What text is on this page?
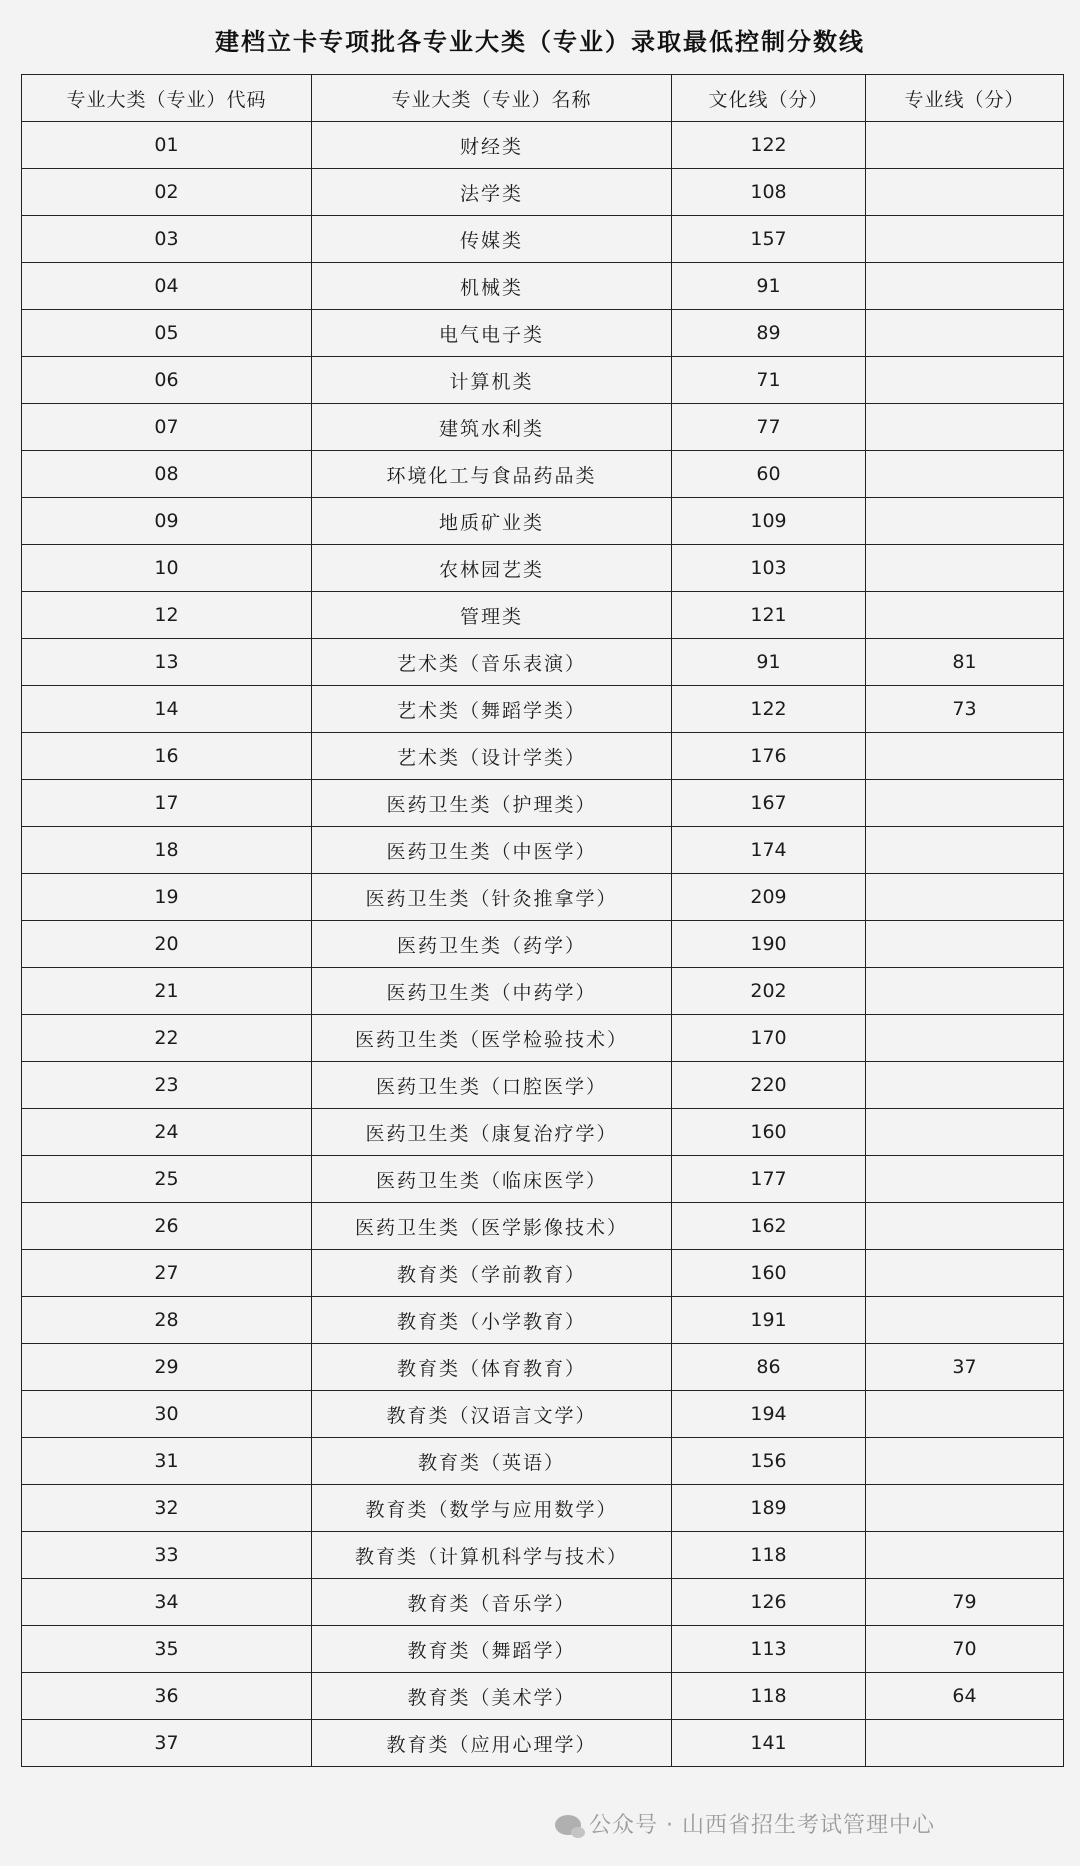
建档立卡专项批各专业大类（专业）录取最低控制分数线
专业大类（专业）代码	专业大类（专业）名称	文化线（分）	专业线（分）
01	财经类	122	
02	法学类	108	
03	传媒类	157	
04	机械类	91	
05	电气电子类	89	
06	计算机类	71	
07	建筑水利类	77	
08	环境化工与食品药品类	60	
09	地质矿业类	109	
10	农林园艺类	103	
12	管理类	121	
13	艺术类（音乐表演）	91	81
14	艺术类（舞蹈学类）	122	73
16	艺术类（设计学类）	176	
17	医药卫生类（护理类）	167	
18	医药卫生类（中医学）	174	
19	医药卫生类（针灸推拿学）	209	
20	医药卫生类（药学）	190	
21	医药卫生类（中药学）	202	
22	医药卫生类（医学检验技术）	170	
23	医药卫生类（口腔医学）	220	
24	医药卫生类（康复治疗学）	160	
25	医药卫生类（临床医学）	177	
26	医药卫生类（医学影像技术）	162	
27	教育类（学前教育）	160	
28	教育类（小学教育）	191	
29	教育类（体育教育）	86	37
30	教育类（汉语言文学）	194	
31	教育类（英语）	156	
32	教育类（数学与应用数学）	189	
33	教育类（计算机科学与技术）	118	
34	教育类（音乐学）	126	79
35	教育类（舞蹈学）	113	70
36	教育类（美术学）	118	64
37	教育类（应用心理学）	141	
公众号 · 山西省招生考试管理中心
